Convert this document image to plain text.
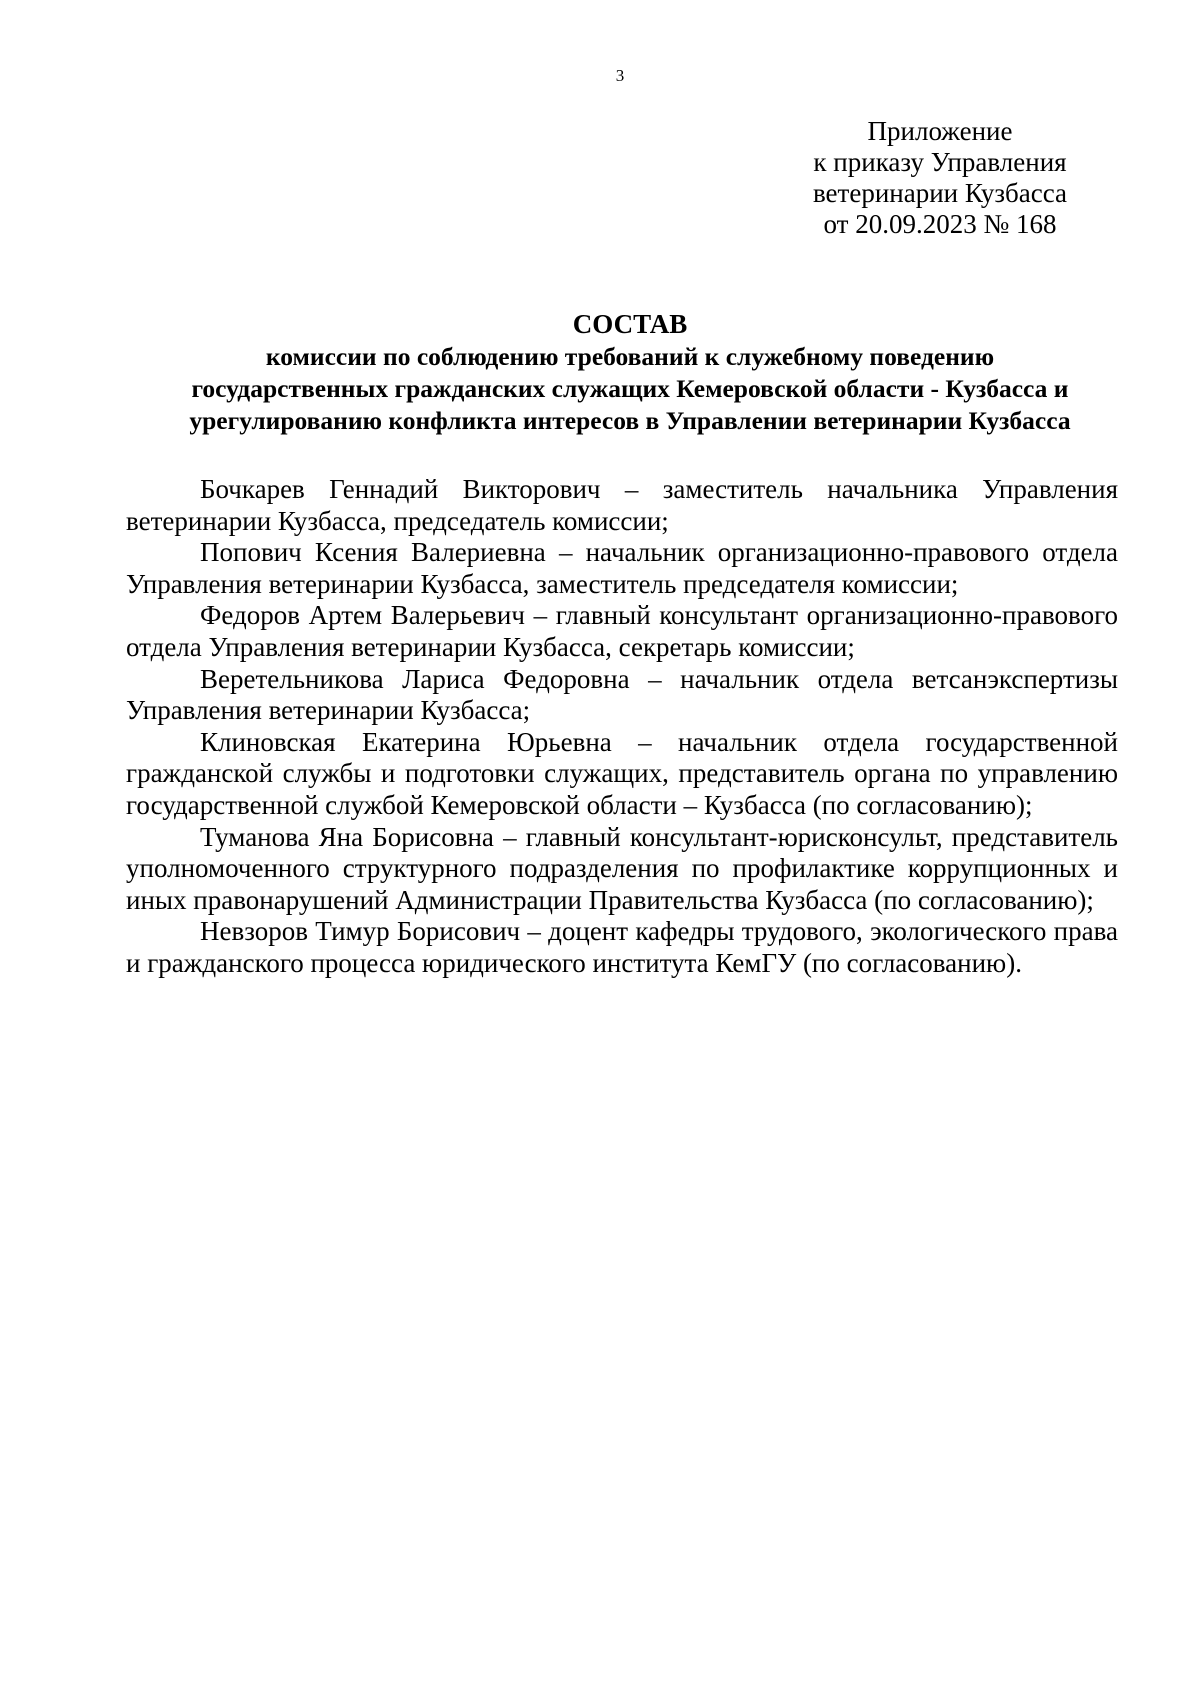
3
Приложение
к приказу Управления
ветеринарии Кузбасса
от 20.09.2023 № 168
СОСТАВ
комиссии по соблюдению требований к служебному поведению
государственных гражданских служащих Кемеровской области - Кузбасса и
урегулированию конфликта интересов в Управлении ветеринарии Кузбасса

Бочкарев Геннадий Викторович – заместитель начальника Управления ветеринарии Кузбасса, председатель комиссии;

Попович Ксения Валериевна – начальник организационно-правового отдела Управления ветеринарии Кузбасса, заместитель председателя комиссии;

Федоров Артем Валерьевич – главный консультант организационно-правового отдела Управления ветеринарии Кузбасса, секретарь комиссии;

Веретельникова Лариса Федоровна – начальник отдела ветсанэкспертизы Управления ветеринарии Кузбасса;

Клиновская Екатерина Юрьевна – начальник отдела государственной гражданской службы и подготовки служащих, представитель органа по управлению государственной службой Кемеровской области – Кузбасса (по согласованию);

Туманова Яна Борисовна – главный консультант-юрисконсульт, представитель уполномоченного структурного подразделения по профилактике коррупционных и иных правонарушений Администрации Правительства Кузбасса (по согласованию);

Невзоров Тимур Борисович – доцент кафедры трудового, экологического права и гражданского процесса юридического института КемГУ (по согласованию).
